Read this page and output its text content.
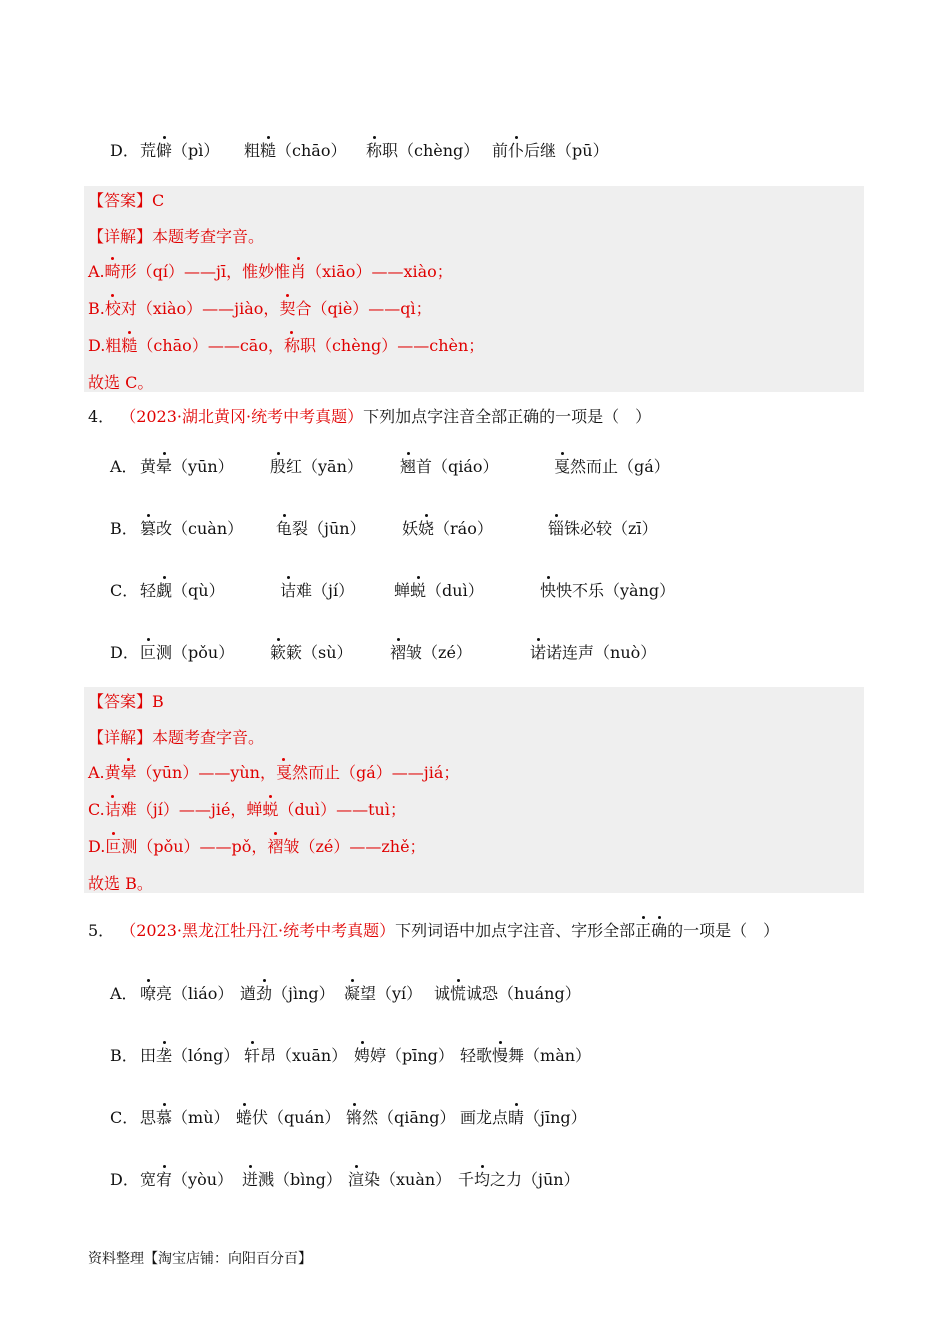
D． 荒僻（pì） 粗糙（chāo） 称职（chèng） 前仆后继（pū）
【答案】C
【详解】本题考查字音。
A.畸形（qí）——jī，惟妙惟肖（xiāo）——xiào；
B.校对（xiào）——jiào，契合（qiè）——qì；
D.粗糙（chāo）——cāo，称职（chèng）——chèn；
故选 C。
4． （2023·湖北黄冈·统考中考真题）下列加点字注音全部正确的一项是（　）
A． 黄晕（yūn） 殷红（yān） 翘首（qiáo）	戛然而止（gá）
B． 篡改（cuàn） 龟裂（jūn） 妖娆（ráo）	锱铢必较（zī）
C． 轻觑（qù）	诘难（jí） 蝉蜕（duì）	怏怏不乐（yàng）
D． 叵测（pǒu） 簌簌（sù） 褶皱（zé）	诺诺连声（nuò）
【答案】B
【详解】本题考查字音。
A.黄晕（yūn）——yùn，戛然而止（gá）——jiá；
C.诘难（jí）——jié，蝉蜕（duì）——tuì；
D.叵测（pǒu）——pǒ，褶皱（zé）——zhě；
故选 B。
5． （2023·黑龙江牡丹江·统考中考真题）下列词语中加点字注音、字形全部正确的一项是（　）
A． 嘹亮（liáo） 遒劲（jìng） 凝望（yí） 诚慌诚恐（huáng）
B． 田垄（lóng） 轩昂（xuān） 娉婷（pīng） 轻歌慢舞（màn）
C． 思慕（mù） 蜷伏（quán） 锵然（qiāng） 画龙点睛（jīng）
D． 宽宥（yòu） 迸溅（bìng） 渲染（xuàn） 千均之力（jūn）
资料整理【淘宝店铺：向阳百分百】
